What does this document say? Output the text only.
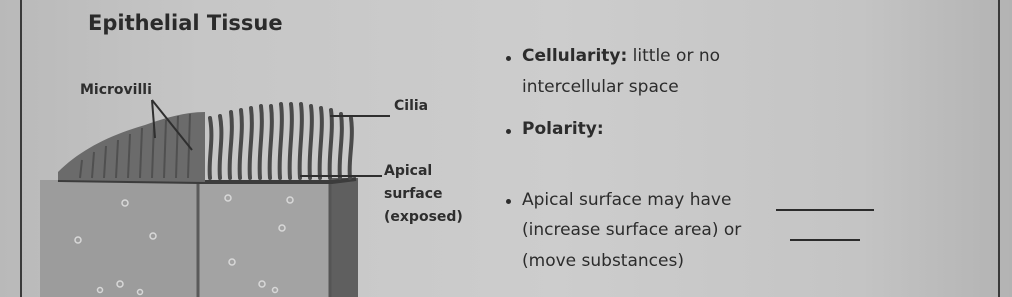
Epithelial Tissue
Microvilli
Cilia
Apical
surface
(exposed)
Cellularity: little or no
intercellular space
Polarity:
Apical surface may have
(increase surface area) or
(move substances)
